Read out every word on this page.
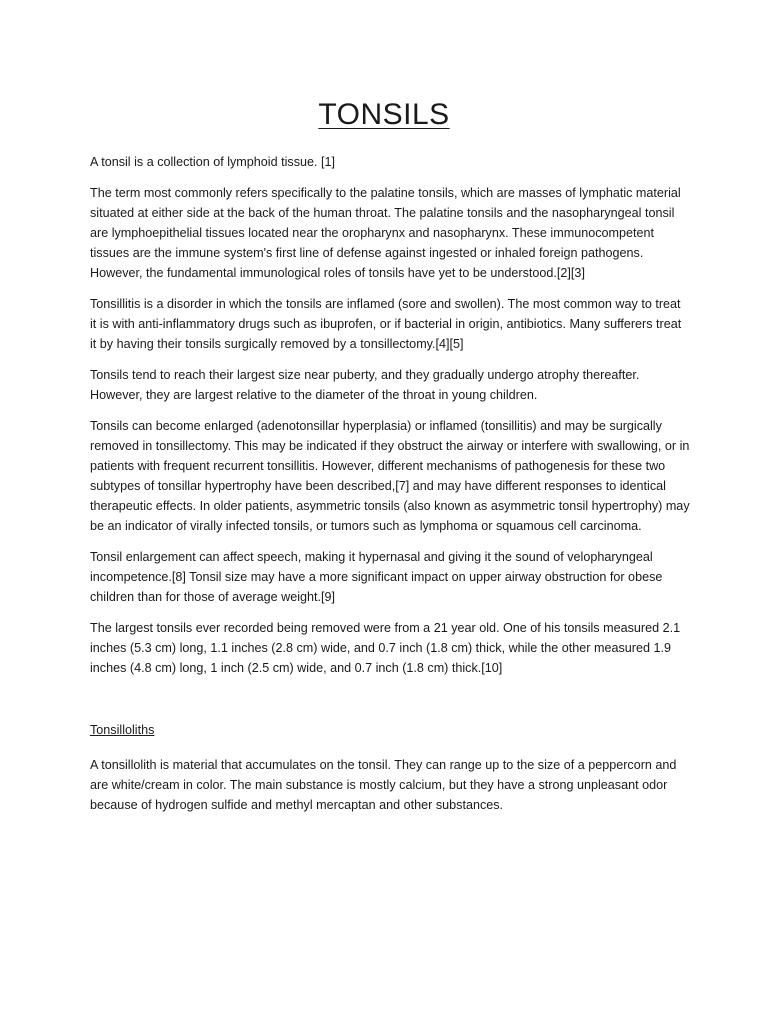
TONSILS

A tonsil is a collection of lymphoid tissue. [1]

The term most commonly refers specifically to the palatine tonsils, which are masses of lymphatic material situated at either side at the back of the human throat. The palatine tonsils and the nasopharyngeal tonsil are lymphoepithelial tissues located near the oropharynx and nasopharynx. These immunocompetent tissues are the immune system's first line of defense against ingested or inhaled foreign pathogens. However, the fundamental immunological roles of tonsils have yet to be understood.[2][3]

Tonsillitis is a disorder in which the tonsils are inflamed (sore and swollen). The most common way to treat it is with anti-inflammatory drugs such as ibuprofen, or if bacterial in origin, antibiotics. Many sufferers treat it by having their tonsils surgically removed by a tonsillectomy.[4][5]

Tonsils tend to reach their largest size near puberty, and they gradually undergo atrophy thereafter. However, they are largest relative to the diameter of the throat in young children.

Tonsils can become enlarged (adenotonsillar hyperplasia) or inflamed (tonsillitis) and may be surgically removed in tonsillectomy. This may be indicated if they obstruct the airway or interfere with swallowing, or in patients with frequent recurrent tonsillitis. However, different mechanisms of pathogenesis for these two subtypes of tonsillar hypertrophy have been described,[7] and may have different responses to identical therapeutic effects. In older patients, asymmetric tonsils (also known as asymmetric tonsil hypertrophy) may be an indicator of virally infected tonsils, or tumors such as lymphoma or squamous cell carcinoma.

Tonsil enlargement can affect speech, making it hypernasal and giving it the sound of velopharyngeal incompetence.[8] Tonsil size may have a more significant impact on upper airway obstruction for obese children than for those of average weight.[9]

The largest tonsils ever recorded being removed were from a 21 year old. One of his tonsils measured 2.1 inches (5.3 cm) long, 1.1 inches (2.8 cm) wide, and 0.7 inch (1.8 cm) thick, while the other measured 1.9 inches (4.8 cm) long, 1 inch (2.5 cm) wide, and 0.7 inch (1.8 cm) thick.[10]

Tonsilloliths

A tonsillolith is material that accumulates on the tonsil. They can range up to the size of a peppercorn and are white/cream in color. The main substance is mostly calcium, but they have a strong unpleasant odor because of hydrogen sulfide and methyl mercaptan and other substances.
